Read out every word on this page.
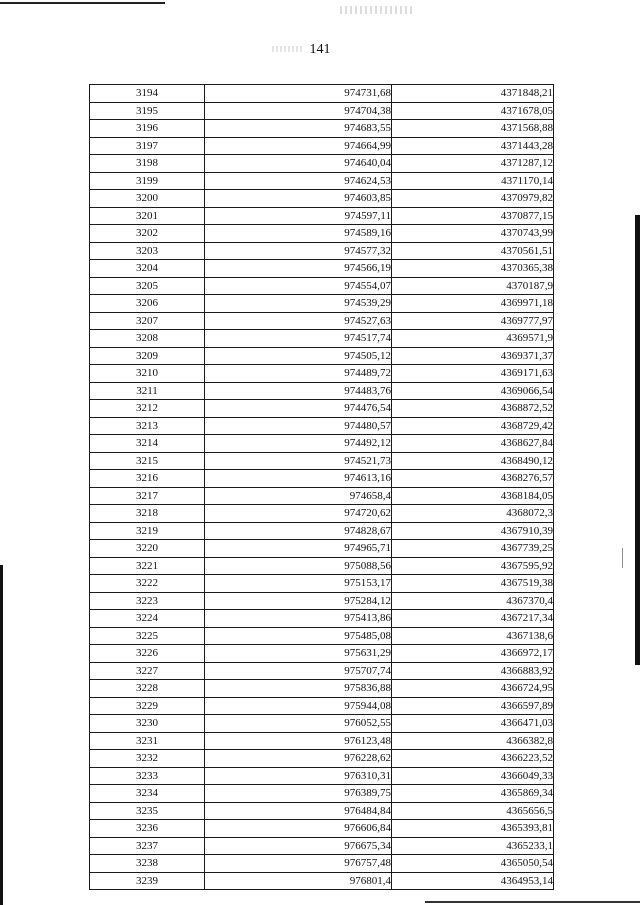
141
3194	974731,68	4371848,21
3195	974704,38	4371678,05
3196	974683,55	4371568,88
3197	974664,99	4371443,28
3198	974640,04	4371287,12
3199	974624,53	4371170,14
3200	974603,85	4370979,82
3201	974597,11	4370877,15
3202	974589,16	4370743,99
3203	974577,32	4370561,51
3204	974566,19	4370365,38
3205	974554,07	4370187,9
3206	974539,29	4369971,18
3207	974527,63	4369777,97
3208	974517,74	4369571,9
3209	974505,12	4369371,37
3210	974489,72	4369171,63
3211	974483,76	4369066,54
3212	974476,54	4368872,52
3213	974480,57	4368729,42
3214	974492,12	4368627,84
3215	974521,73	4368490,12
3216	974613,16	4368276,57
3217	974658,4	4368184,05
3218	974720,62	4368072,3
3219	974828,67	4367910,39
3220	974965,71	4367739,25
3221	975088,56	4367595,92
3222	975153,17	4367519,38
3223	975284,12	4367370,4
3224	975413,86	4367217,34
3225	975485,08	4367138,6
3226	975631,29	4366972,17
3227	975707,74	4366883,92
3228	975836,88	4366724,95
3229	975944,08	4366597,89
3230	976052,55	4366471,03
3231	976123,48	4366382,8
3232	976228,62	4366223,52
3233	976310,31	4366049,33
3234	976389,75	4365869,34
3235	976484,84	4365656,5
3236	976606,84	4365393,81
3237	976675,34	4365233,1
3238	976757,48	4365050,54
3239	976801,4	4364953,14
